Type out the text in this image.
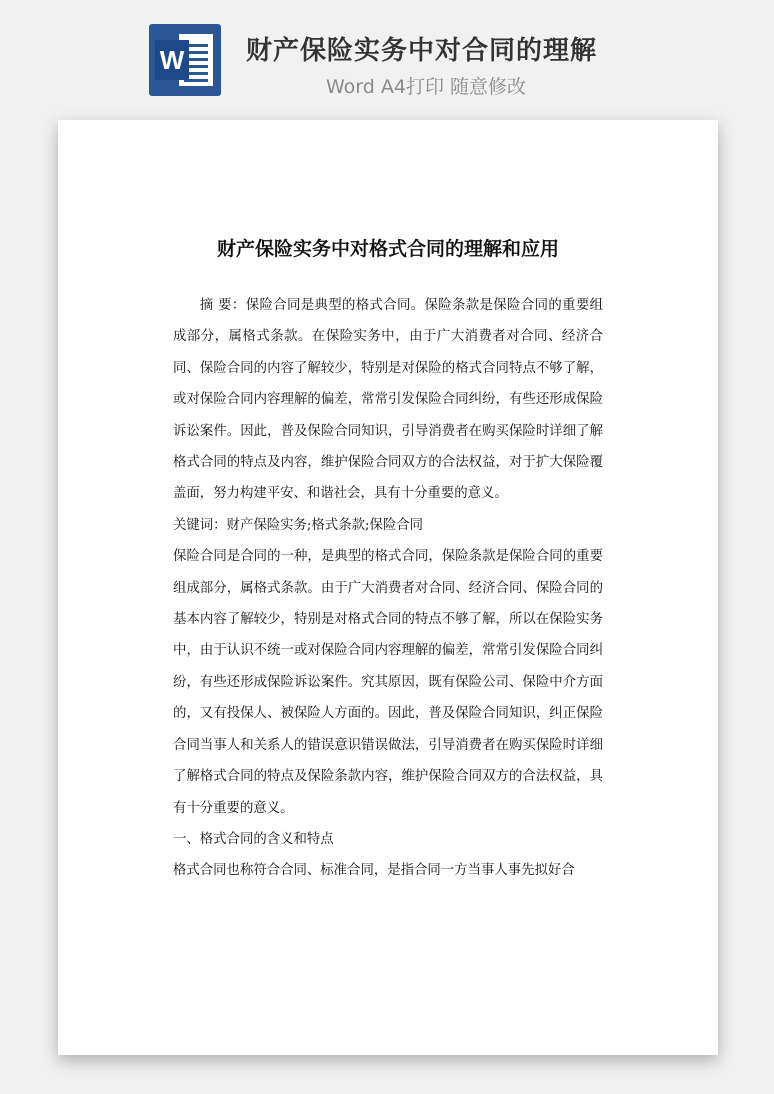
W 财产保险实务中对合同的理解
Word A4打印 随意修改

财产保险实务中对格式合同的理解和应用

摘 要：保险合同是典型的格式合同。保险条款是保险合同的重要组成部分，属格式条款。在保险实务中，由于广大消费者对合同、经济合同、保险合同的内容了解较少，特别是对保险的格式合同特点不够了解，或对保险合同内容理解的偏差，常常引发保险合同纠纷，有些还形成保险诉讼案件。因此，普及保险合同知识，引导消费者在购买保险时详细了解格式合同的特点及内容，维护保险合同双方的合法权益，对于扩大保险覆盖面，努力构建平安、和谐社会，具有十分重要的意义。

关键词：财产保险实务;格式条款;保险合同

保险合同是合同的一种，是典型的格式合同，保险条款是保险合同的重要组成部分，属格式条款。由于广大消费者对合同、经济合同、保险合同的基本内容了解较少，特别是对格式合同的特点不够了解，所以在保险实务中，由于认识不统一或对保险合同内容理解的偏差，常常引发保险合同纠纷，有些还形成保险诉讼案件。究其原因，既有保险公司、保险中介方面的，又有投保人、被保险人方面的。因此，普及保险合同知识，纠正保险合同当事人和关系人的错误意识错误做法，引导消费者在购买保险时详细了解格式合同的特点及保险条款内容，维护保险合同双方的合法权益，具有十分重要的意义。

一、格式合同的含义和特点

格式合同也称符合合同、标准合同，是指合同一方当事人事先拟好合
